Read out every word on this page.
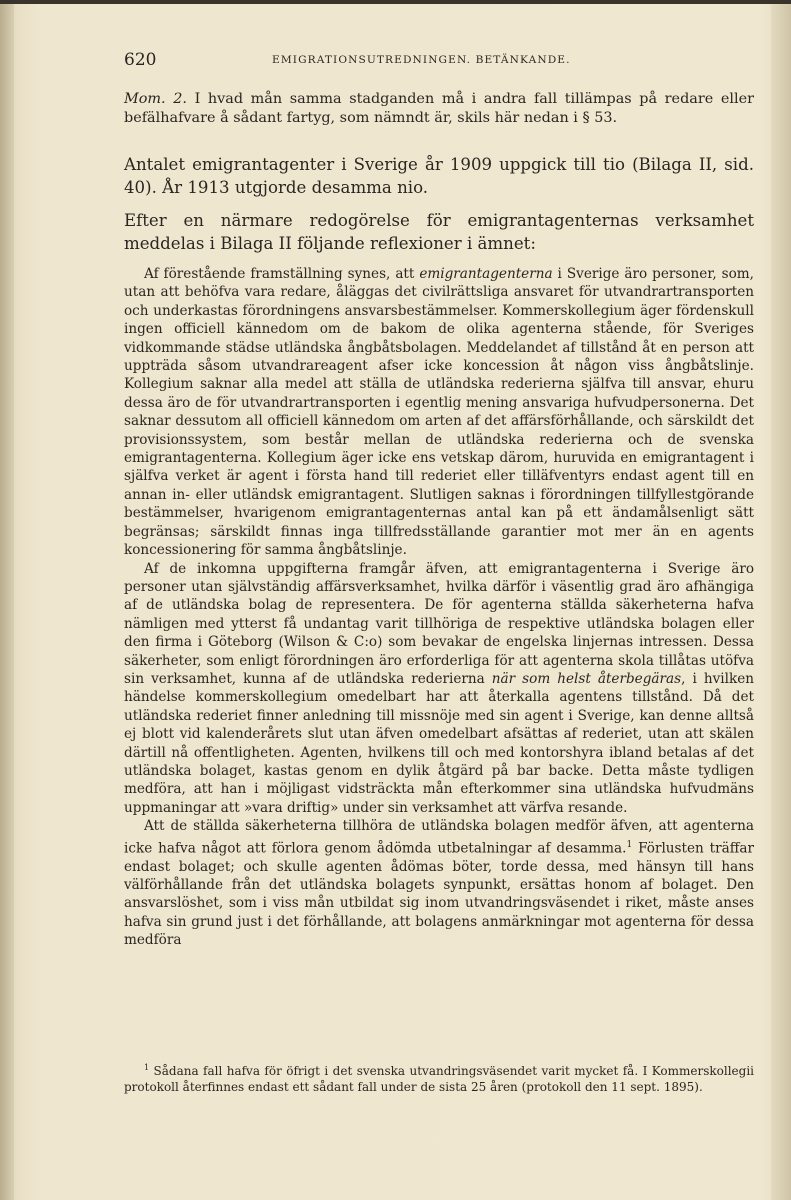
620	EMIGRATIONSUTREDNINGEN. BETÄNKANDE.

Mom. 2. I hvad mån samma stadganden må i andra fall tillämpas på redare eller befälhafvare å sådant fartyg, som nämndt är, skils här nedan i § 53.

Antalet emigrantagenter i Sverige år 1909 uppgick till tio (Bilaga II, sid. 40). År 1913 utgjorde desamma nio.

Efter en närmare redogörelse för emigrantagenternas verksamhet meddelas i Bilaga II följande reflexioner i ämnet:

Af förestående framställning synes, att emigrantagenterna i Sverige äro personer, som, utan att behöfva vara redare, åläggas det civilrättsliga ansvaret för utvandrartransporten och underkastas förordningens ansvarsbestämmelser. Kommerskollegium äger fördenskull ingen officiell kännedom om de bakom de olika agenterna stående, för Sveriges vidkommande städse utländska ångbåtsbolagen. Meddelandet af tillstånd åt en person att uppträda såsom utvandrareagent afser icke koncession åt någon viss ångbåtslinje. Kollegium saknar alla medel att ställa de utländska rederierna själfva till ansvar, ehuru dessa äro de för utvandrartransporten i egentlig mening ansvariga hufvudpersonerna. Det saknar dessutom all officiell kännedom om arten af det affärsförhållande, och särskildt det provisionssystem, som består mellan de utländska rederierna och de svenska emigrantagenterna. Kollegium äger icke ens vetskap därom, huruvida en emigrantagent i själfva verket är agent i första hand till rederiet eller tilläfventyrs endast agent till en annan in- eller utländsk emigrantagent. Slutligen saknas i förordningen tillfyllestgörande bestämmelser, hvarigenom emigrantagenternas antal kan på ett ändamålsenligt sätt begränsas; särskildt finnas inga tillfredsställande garantier mot mer än en agents koncessionering för samma ångbåtslinje.

Af de inkomna uppgifterna framgår äfven, att emigrantagenterna i Sverige äro personer utan självständig affärsverksamhet, hvilka därför i väsentlig grad äro afhängiga af de utländska bolag de representera. De för agenterna ställda säkerheterna hafva nämligen med ytterst få undantag varit tillhöriga de respektive utländska bolagen eller den firma i Göteborg (Wilson & C:o) som bevakar de engelska linjernas intressen. Dessa säkerheter, som enligt förordningen äro erforderliga för att agenterna skola tillåtas utöfva sin verksamhet, kunna af de utländska rederierna när som helst återbegäras, i hvilken händelse kommerskollegium omedelbart har att återkalla agentens tillstånd. Då det utländska rederiet finner anledning till missnöje med sin agent i Sverige, kan denne alltså ej blott vid kalenderårets slut utan äfven omedelbart afsättas af rederiet, utan att skälen därtill nå offentligheten. Agenten, hvilkens till och med kontorshyra ibland betalas af det utländska bolaget, kastas genom en dylik åtgärd på bar backe. Detta måste tydligen medföra, att han i möjligast vidsträckta mån efterkommer sina utländska hufvudmäns uppmaningar att »vara driftig» under sin verksamhet att värfva resande.

Att de ställda säkerheterna tillhöra de utländska bolagen medför äfven, att agenterna icke hafva något att förlora genom ådömda utbetalningar af desamma.$^1$ Förlusten träffar endast bolaget; och skulle agenten ådömas böter, torde dessa, med hänsyn till hans välförhållande från det utländska bolagets synpunkt, ersättas honom af bolaget. Den ansvarslöshet, som i viss mån utbildat sig inom utvandringsväsendet i riket, måste anses hafva sin grund just i det förhållande, att bolagens anmärkningar mot agenterna för dessa medföra

$^1$ Sådana fall hafva för öfrigt i det svenska utvandringsväsendet varit mycket få. I Kommerskollegii protokoll återfinnes endast ett sådant fall under de sista 25 åren (protokoll den 11 sept. 1895).
